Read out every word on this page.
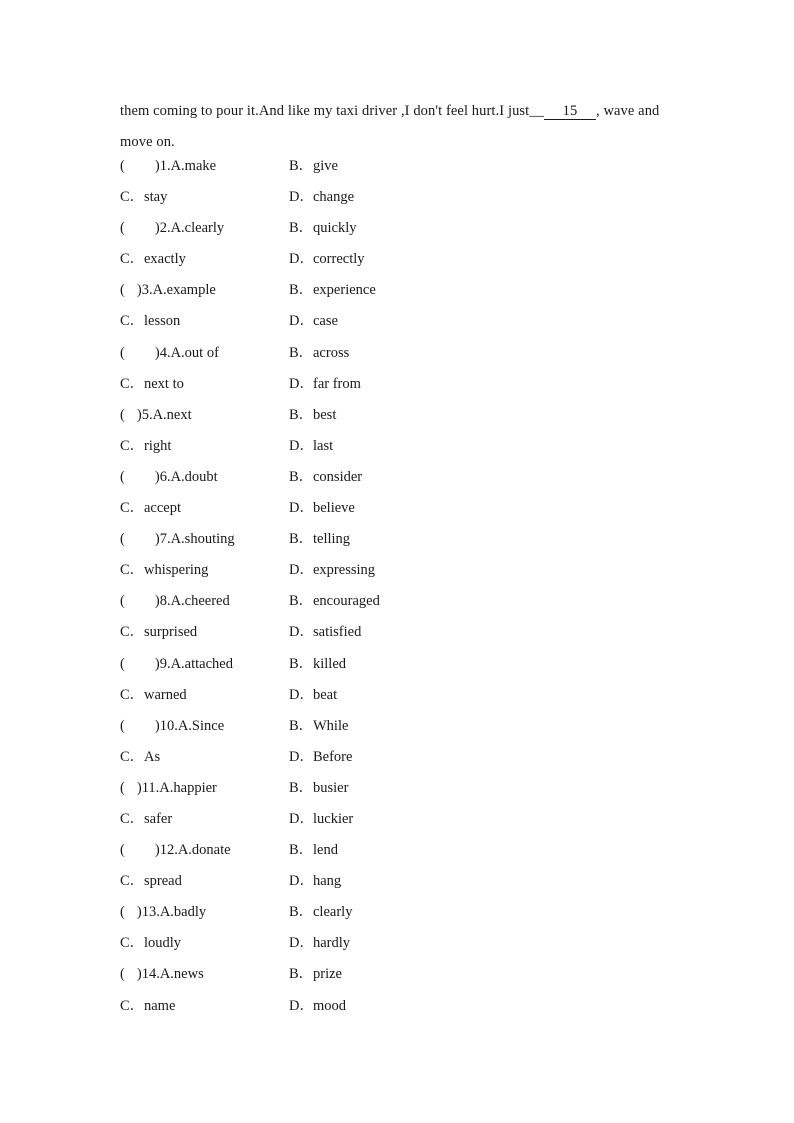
them coming to pour it.And like my taxi driver ,I don't feel hurt.I just__ 15 , wave and
move on.
( )1.A.make	B．give
C．stay	D．change
( )2.A.clearly	B．quickly
C．exactly	D．correctly
( )3.A.example	B．experience
C．lesson	D．case
( )4.A.out of	B．across
C．next to	D．far from
( )5.A.next	B．best
C．right	D．last
( )6.A.doubt	B．consider
C．accept	D．believe
( )7.A.shouting	B．telling
C．whispering	D．expressing
( )8.A.cheered	B．encouraged
C．surprised	D．satisfied
( )9.A.attached	B．killed
C．warned	D．beat
( )10.A.Since	B．While
C．As	D．Before
( )11.A.happier	B．busier
C．safer	D．luckier
( )12.A.donate	B．lend
C．spread	D．hang
( )13.A.badly	B．clearly
C．loudly	D．hardly
( )14.A.news	B．prize
C．name	D．mood
